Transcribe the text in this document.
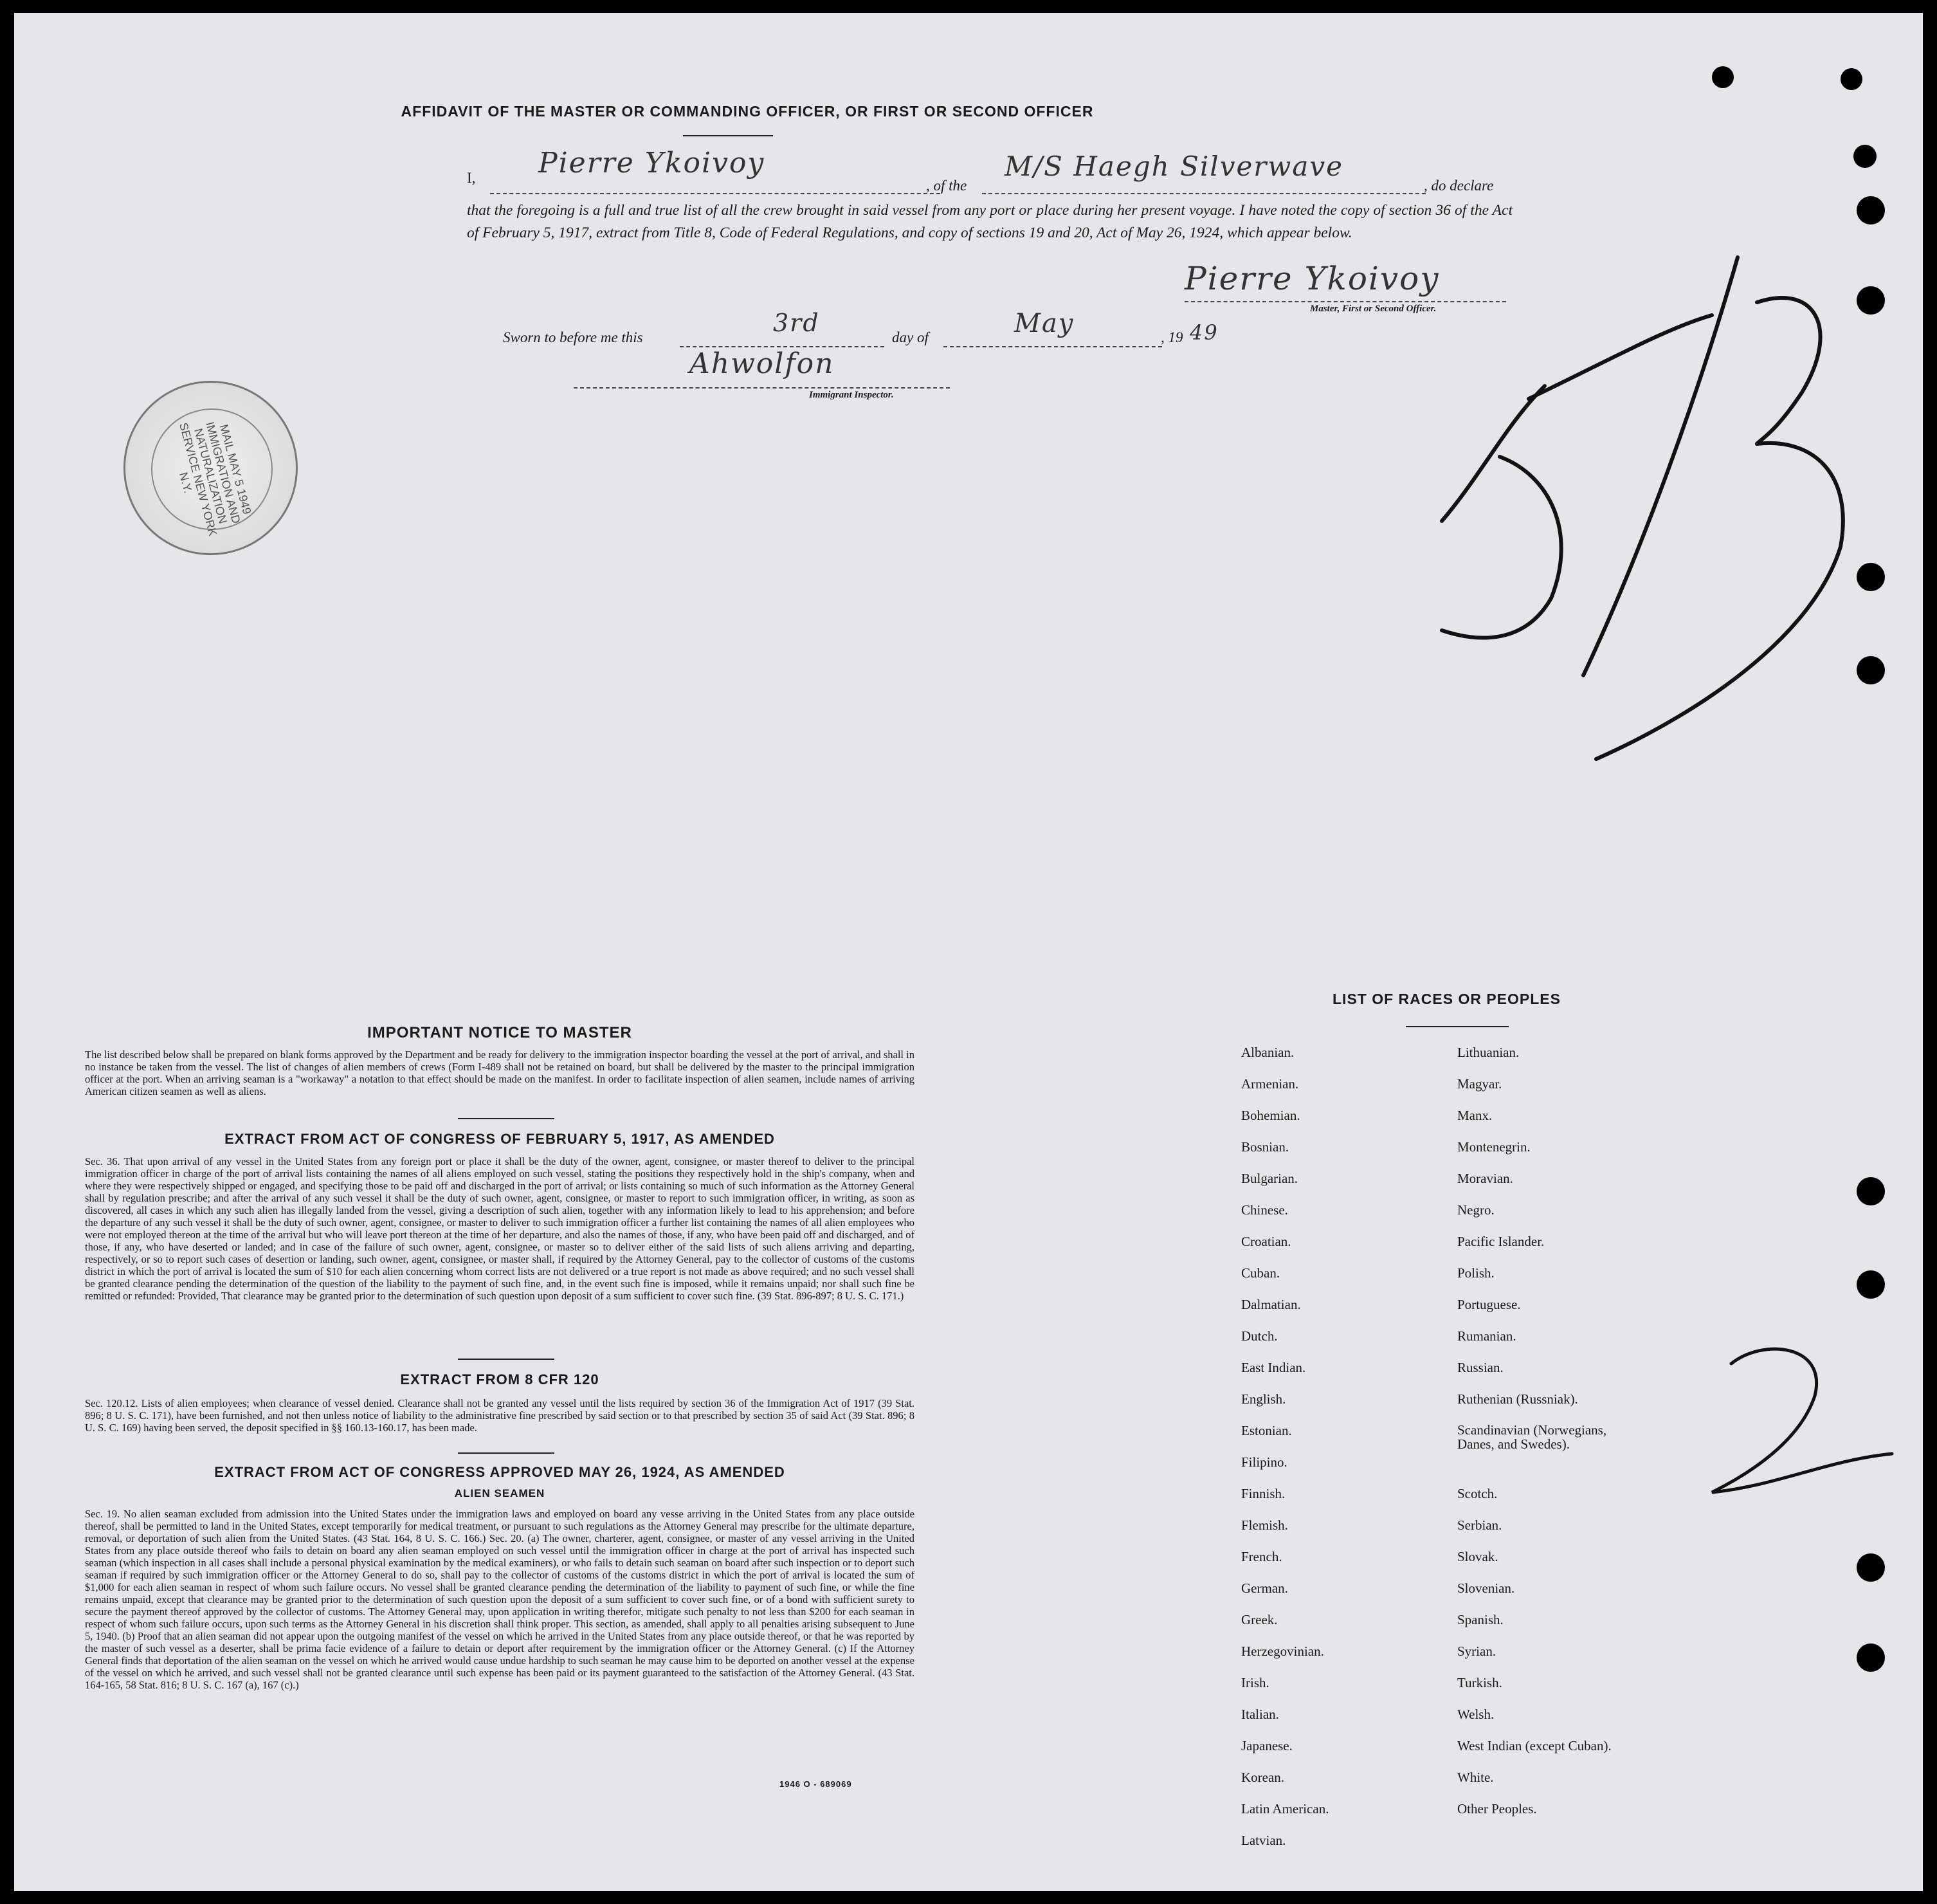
AFFIDAVIT OF THE MASTER OR COMMANDING OFFICER, OR FIRST OR SECOND OFFICER
I, Pierre Ykoivoy
, of the
M/S Haegh Silverwave
, do declare
that the foregoing is a full and true list of all the crew brought in said vessel from any port or place during her present voyage. I have noted the copy of section 36 of the Act of February 5, 1917, extract from Title 8, Code of Federal Regulations, and copy of sections 19 and 20, Act of May 26, 1924, which appear below.
Pierre Ykoivoy
Master, First or Second Officer.
Sworn to before me this
3rd
day of	May	, 19 49
Ahwolfon
Immigrant Inspector.
MAIL MAY 5 1949 IMMIGRATION AND NATURALIZATION SERVICE NEW YORK N.Y.
IMPORTANT NOTICE TO MASTER
The list described below shall be prepared on blank forms approved by the Department and be ready for delivery to the immigration inspector boarding the vessel at the port of arrival, and shall in no instance be taken from the vessel. The list of changes of alien members of crews (Form I-489 shall not be retained on board, but shall be delivered by the master to the principal immigration officer at the port. When an arriving seaman is a "workaway" a notation to that effect should be made on the manifest. In order to facilitate inspection of alien seamen, include names of arriving American citizen seamen as well as aliens.
EXTRACT FROM ACT OF CONGRESS OF FEBRUARY 5, 1917, AS AMENDED
Sec. 36. That upon arrival of any vessel in the United States from any foreign port or place it shall be the duty of the owner, agent, consignee, or master thereof to deliver to the principal immigration officer in charge of the port of arrival lists containing the names of all aliens employed on such vessel, stating the positions they respectively hold in the ship's company, when and where they were respectively shipped or engaged, and specifying those to be paid off and discharged in the port of arrival; or lists containing so much of such information as the Attorney General shall by regulation prescribe; and after the arrival of any such vessel it shall be the duty of such owner, agent, consignee, or master to report to such immigration officer, in writing, as soon as discovered, all cases in which any such alien has illegally landed from the vessel, giving a description of such alien, together with any information likely to lead to his apprehension; and before the departure of any such vessel it shall be the duty of such owner, agent, consignee, or master to deliver to such immigration officer a further list containing the names of all alien employees who were not employed thereon at the time of the arrival but who will leave port thereon at the time of her departure, and also the names of those, if any, who have been paid off and discharged, and of those, if any, who have deserted or landed; and in case of the failure of such owner, agent, consignee, or master so to deliver either of the said lists of such aliens arriving and departing, respectively, or so to report such cases of desertion or landing, such owner, agent, consignee, or master shall, if required by the Attorney General, pay to the collector of customs of the customs district in which the port of arrival is located the sum of $10 for each alien concerning whom correct lists are not delivered or a true report is not made as above required; and no such vessel shall be granted clearance pending the determination of the question of the liability to the payment of such fine, and, in the event such fine is imposed, while it remains unpaid; nor shall such fine be remitted or refunded: Provided, That clearance may be granted prior to the determination of such question upon deposit of a sum sufficient to cover such fine. (39 Stat. 896-897; 8 U. S. C. 171.)
EXTRACT FROM 8 CFR 120
Sec. 120.12. Lists of alien employees; when clearance of vessel denied. Clearance shall not be granted any vessel until the lists required by section 36 of the Immigration Act of 1917 (39 Stat. 896; 8 U. S. C. 171), have been furnished, and not then unless notice of liability to the administrative fine prescribed by said section or to that prescribed by section 35 of said Act (39 Stat. 896; 8 U. S. C. 169) having been served, the deposit specified in §§ 160.13-160.17, has been made.
EXTRACT FROM ACT OF CONGRESS APPROVED MAY 26, 1924, AS AMENDED
ALIEN SEAMEN
Sec. 19. No alien seaman excluded from admission into the United States under the immigration laws and employed on board any vesse arriving in the United States from any place outside thereof, shall be permitted to land in the United States, except temporarily for medical treatment, or pursuant to such regulations as the Attorney General may prescribe for the ultimate departure, removal, or deportation of such alien from the United States. (43 Stat. 164, 8 U. S. C. 166.) Sec. 20. (a) The owner, charterer, agent, consignee, or master of any vessel arriving in the United States from any place outside thereof who fails to detain on board any alien seaman employed on such vessel until the immigration officer in charge at the port of arrival has inspected such seaman (which inspection in all cases shall include a personal physical examination by the medical examiners), or who fails to detain such seaman on board after such inspection or to deport such seaman if required by such immigration officer or the Attorney General to do so, shall pay to the collector of customs of the customs district in which the port of arrival is located the sum of $1,000 for each alien seaman in respect of whom such failure occurs. No vessel shall be granted clearance pending the determination of the liability to payment of such fine, or while the fine remains unpaid, except that clearance may be granted prior to the determination of such question upon the deposit of a sum sufficient to cover such fine, or of a bond with sufficient surety to secure the payment thereof approved by the collector of customs. The Attorney General may, upon application in writing therefor, mitigate such penalty to not less than $200 for each seaman in respect of whom such failure occurs, upon such terms as the Attorney General in his discretion shall think proper. This section, as amended, shall apply to all penalties arising subsequent to June 5, 1940. (b) Proof that an alien seaman did not appear upon the outgoing manifest of the vessel on which he arrived in the United States from any place outside thereof, or that he was reported by the master of such vessel as a deserter, shall be prima facie evidence of a failure to detain or deport after requirement by the immigration officer or the Attorney General. (c) If the Attorney General finds that deportation of the alien seaman on the vessel on which he arrived would cause undue hardship to such seaman he may cause him to be deported on another vessel at the expense of the vessel on which he arrived, and such vessel shall not be granted clearance until such expense has been paid or its payment guaranteed to the satisfaction of the Attorney General. (43 Stat. 164-165, 58 Stat. 816; 8 U. S. C. 167 (a), 167 (c).)
1946 O - 689069
LIST OF RACES OR PEOPLES
Albanian.
Armenian.
Bohemian.
Bosnian.
Bulgarian.
Chinese.
Croatian.
Cuban.
Dalmatian.
Dutch.
East Indian.
English.
Estonian.
Filipino.
Finnish.
Flemish.
French.
German.
Greek.
Herzegovinian.
Irish.
Italian.
Japanese.
Korean.
Latin American.
Latvian.
Lithuanian.
Magyar.
Manx.
Montenegrin.
Moravian.
Negro.
Pacific Islander.
Polish.
Portuguese.
Rumanian.
Russian.
Ruthenian (Russniak).
Scandinavian (Norwegians, Danes, and Swedes).
Scotch.
Serbian.
Slovak.
Slovenian.
Spanish.
Syrian.
Turkish.
Welsh.
West Indian (except Cuban).
White.
Other Peoples.
